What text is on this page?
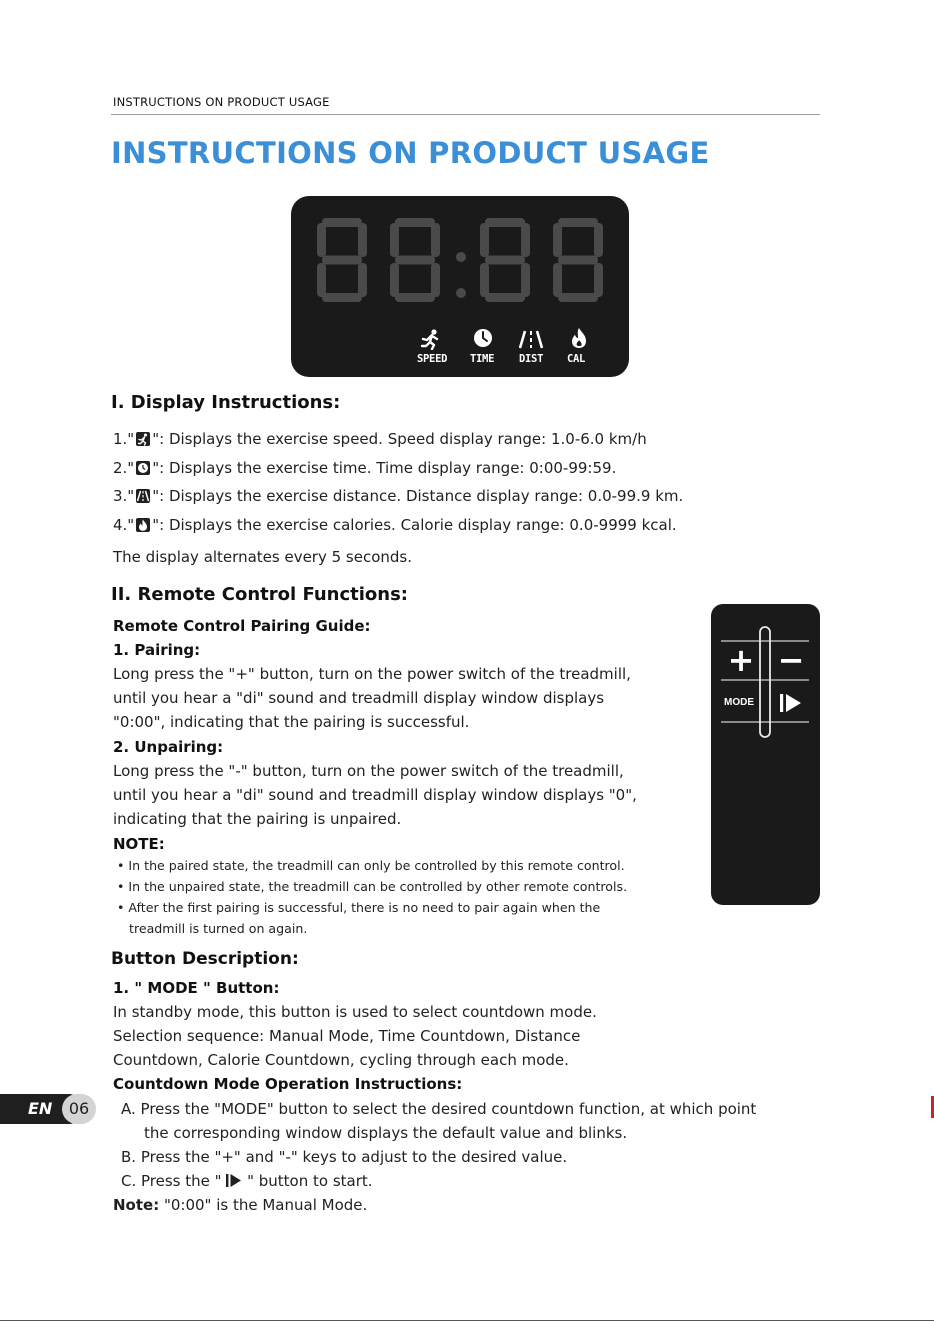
INSTRUCTIONS ON PRODUCT USAGE
INSTRUCTIONS ON PRODUCT USAGE
SPEED	TIME	DIST	CAL
I. Display Instructions:
1." ": Displays the exercise speed. Speed display range: 1.0-6.0 km/h
2." ": Displays the exercise time. Time display range: 0:00-99:59.
3." ": Displays the exercise distance. Distance display range: 0.0-99.9 km.
4." ": Displays the exercise calories. Calorie display range: 0.0-9999 kcal.
The display alternates every 5 seconds.
II. Remote Control Functions:
Remote Control Pairing Guide:
1. Pairing:
Long press the "+" button, turn on the power switch of the treadmill,
until you hear a "di" sound and treadmill display window displays
"0:00", indicating that the pairing is successful.
2. Unpairing:
Long press the "-" button, turn on the power switch of the treadmill,
until you hear a "di" sound and treadmill display window displays "0",
indicating that the pairing is unpaired.
NOTE:
• In the paired state, the treadmill can only be controlled by this remote control.
• In the unpaired state, the treadmill can be controlled by other remote controls.
• After the first pairing is successful, there is no need to pair again when the
treadmill is turned on again.
+ −
MODE
Button Description:
1. " MODE " Button:
In standby mode, this button is used to select countdown mode.
Selection sequence: Manual Mode, Time Countdown, Distance
Countdown, Calorie Countdown, cycling through each mode.
Countdown Mode Operation Instructions:
A. Press the "MODE" button to select the desired countdown function, at which point
the corresponding window displays the default value and blinks.
B. Press the "+" and "-" keys to adjust to the desired value.
C. Press the "  " button to start.
Note: "0:00" is the Manual Mode.
EN	06
